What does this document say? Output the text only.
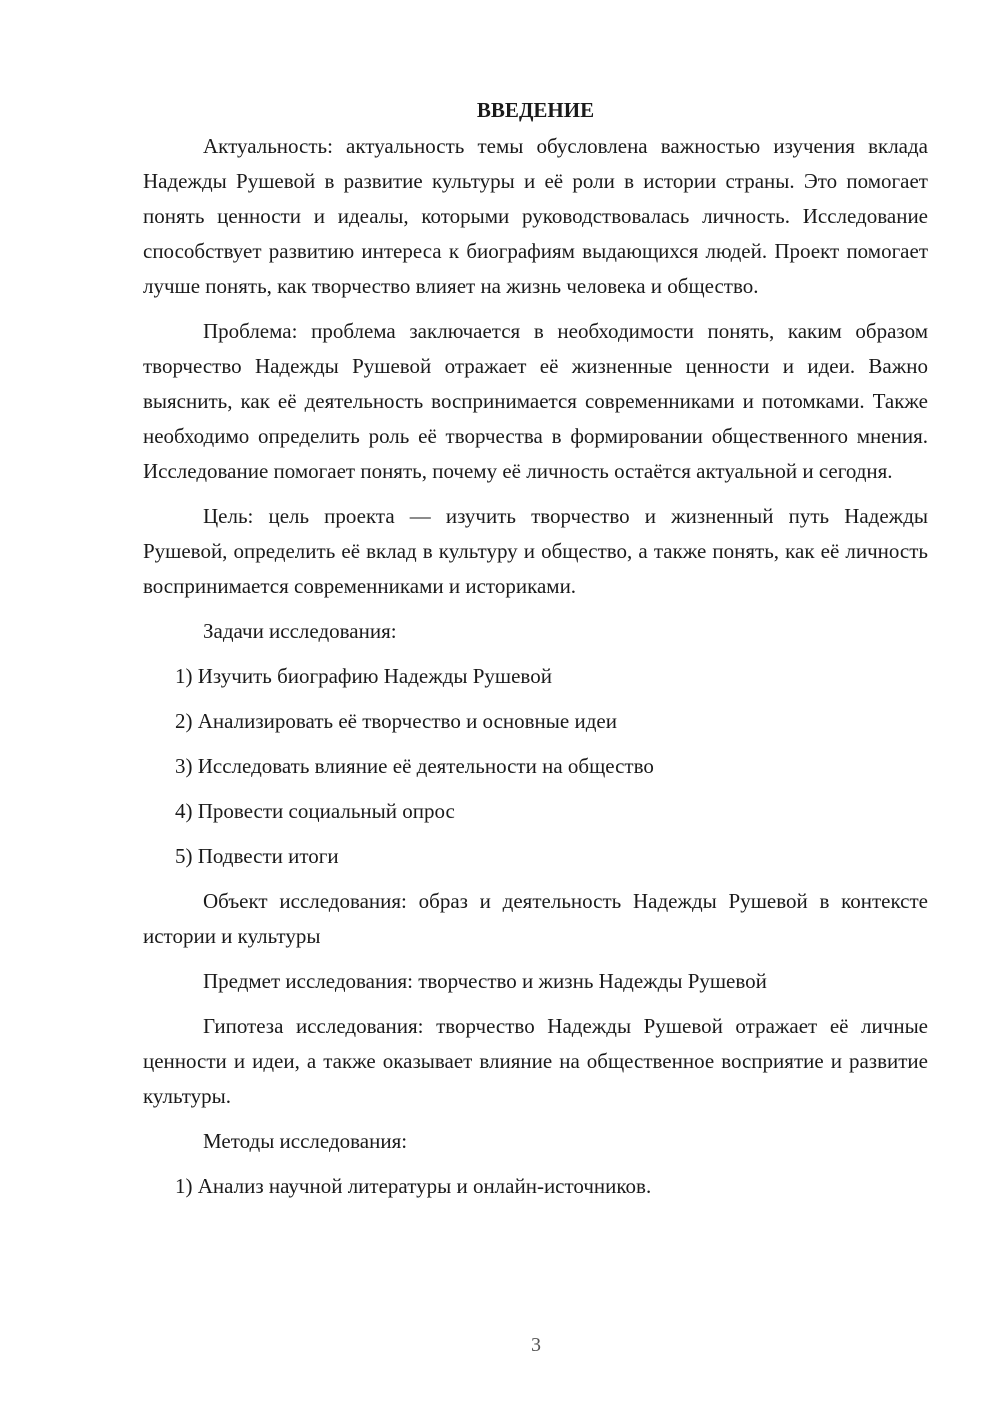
ВВЕДЕНИЕ

Актуальность: актуальность темы обусловлена важностью изучения вклада Надежды Рушевой в развитие культуры и её роли в истории страны. Это помогает понять ценности и идеалы, которыми руководствовалась личность. Исследование способствует развитию интереса к биографиям выдающихся людей. Проект помогает лучше понять, как творчество влияет на жизнь человека и общество.

Проблема: проблема заключается в необходимости понять, каким образом творчество Надежды Рушевой отражает её жизненные ценности и идеи. Важно выяснить, как её деятельность воспринимается современниками и потомками. Также необходимо определить роль её творчества в формировании общественного мнения. Исследование помогает понять, почему её личность остаётся актуальной и сегодня.

Цель: цель проекта — изучить творчество и жизненный путь Надежды Рушевой, определить её вклад в культуру и общество, а также понять, как её личность воспринимается современниками и историками.

Задачи исследования:

1) Изучить биографию Надежды Рушевой

2) Анализировать её творчество и основные идеи

3) Исследовать влияние её деятельности на общество

4) Провести социальный опрос

5) Подвести итоги

Объект исследования: образ и деятельность Надежды Рушевой в контексте истории и культуры

Предмет исследования: творчество и жизнь Надежды Рушевой

Гипотеза исследования: творчество Надежды Рушевой отражает её личные ценности и идеи, а также оказывает влияние на общественное восприятие и развитие культуры.

Методы исследования:

1) Анализ научной литературы и онлайн-источников.

3
